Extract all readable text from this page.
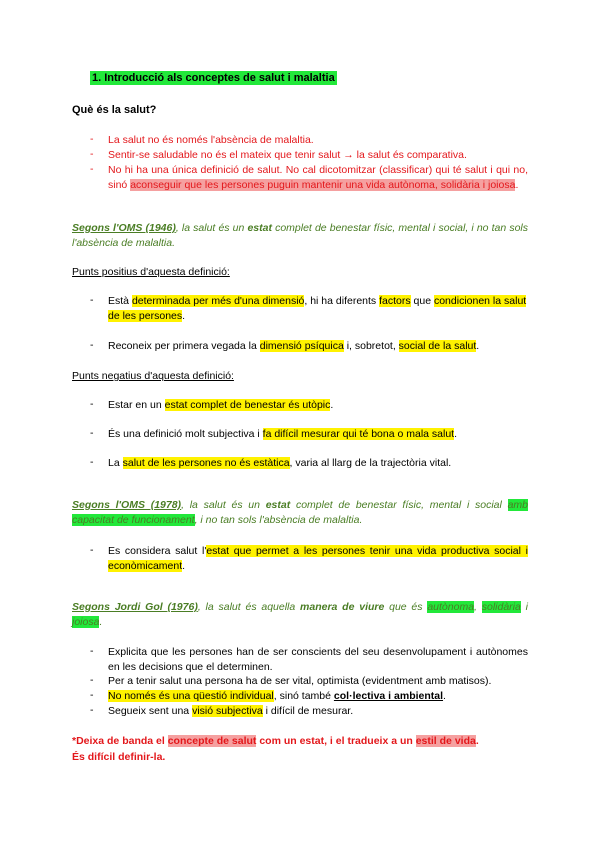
1. Introducció als conceptes de salut i malaltia
Què és la salut?
- La salut no és només l'absència de malaltia.
- Sentir-se saludable no és el mateix que tenir salut → la salut és comparativa.
- No hi ha una única definició de salut. No cal dicotomitzar (classificar) qui té salut i qui no, sinó aconseguir que les persones puguin mantenir una vida autònoma, solidària i joiosa.
Segons l'OMS (1946), la salut és un estat complet de benestar físic, mental i social, i no tan sols l'absència de malaltia.
Punts positius d'aquesta definició:
- Està determinada per més d'una dimensió, hi ha diferents factors que condicionen la salut de les persones.
- Reconeix per primera vegada la dimensió psíquica i, sobretot, social de la salut.
Punts negatius d'aquesta definició:
- Estar en un estat complet de benestar és utòpic.
- És una definició molt subjectiva i fa difícil mesurar qui té bona o mala salut.
- La salut de les persones no és estàtica, varia al llarg de la trajectòria vital.
Segons l'OMS (1978), la salut és un estat complet de benestar físic, mental i social amb capacitat de funcionament, i no tan sols l'absència de malaltia.
- Es considera salut l'estat que permet a les persones tenir una vida productiva social i econòmicament.
Segons Jordi Gol (1976), la salut és aquella manera de viure que és autònoma, solidària i joiosa.
- Explicita que les persones han de ser conscients del seu desenvolupament i autònomes en les decisions que el determinen.
- Per a tenir salut una persona ha de ser vital, optimista (evidentment amb matisos).
- No només és una qüestió individual, sinó també col·lectiva i ambiental.
- Segueix sent una visió subjectiva i difícil de mesurar.
*Deixa de banda el concepte de salut com un estat, i el tradueix a un estil de vida.
És difícil definir-la.
